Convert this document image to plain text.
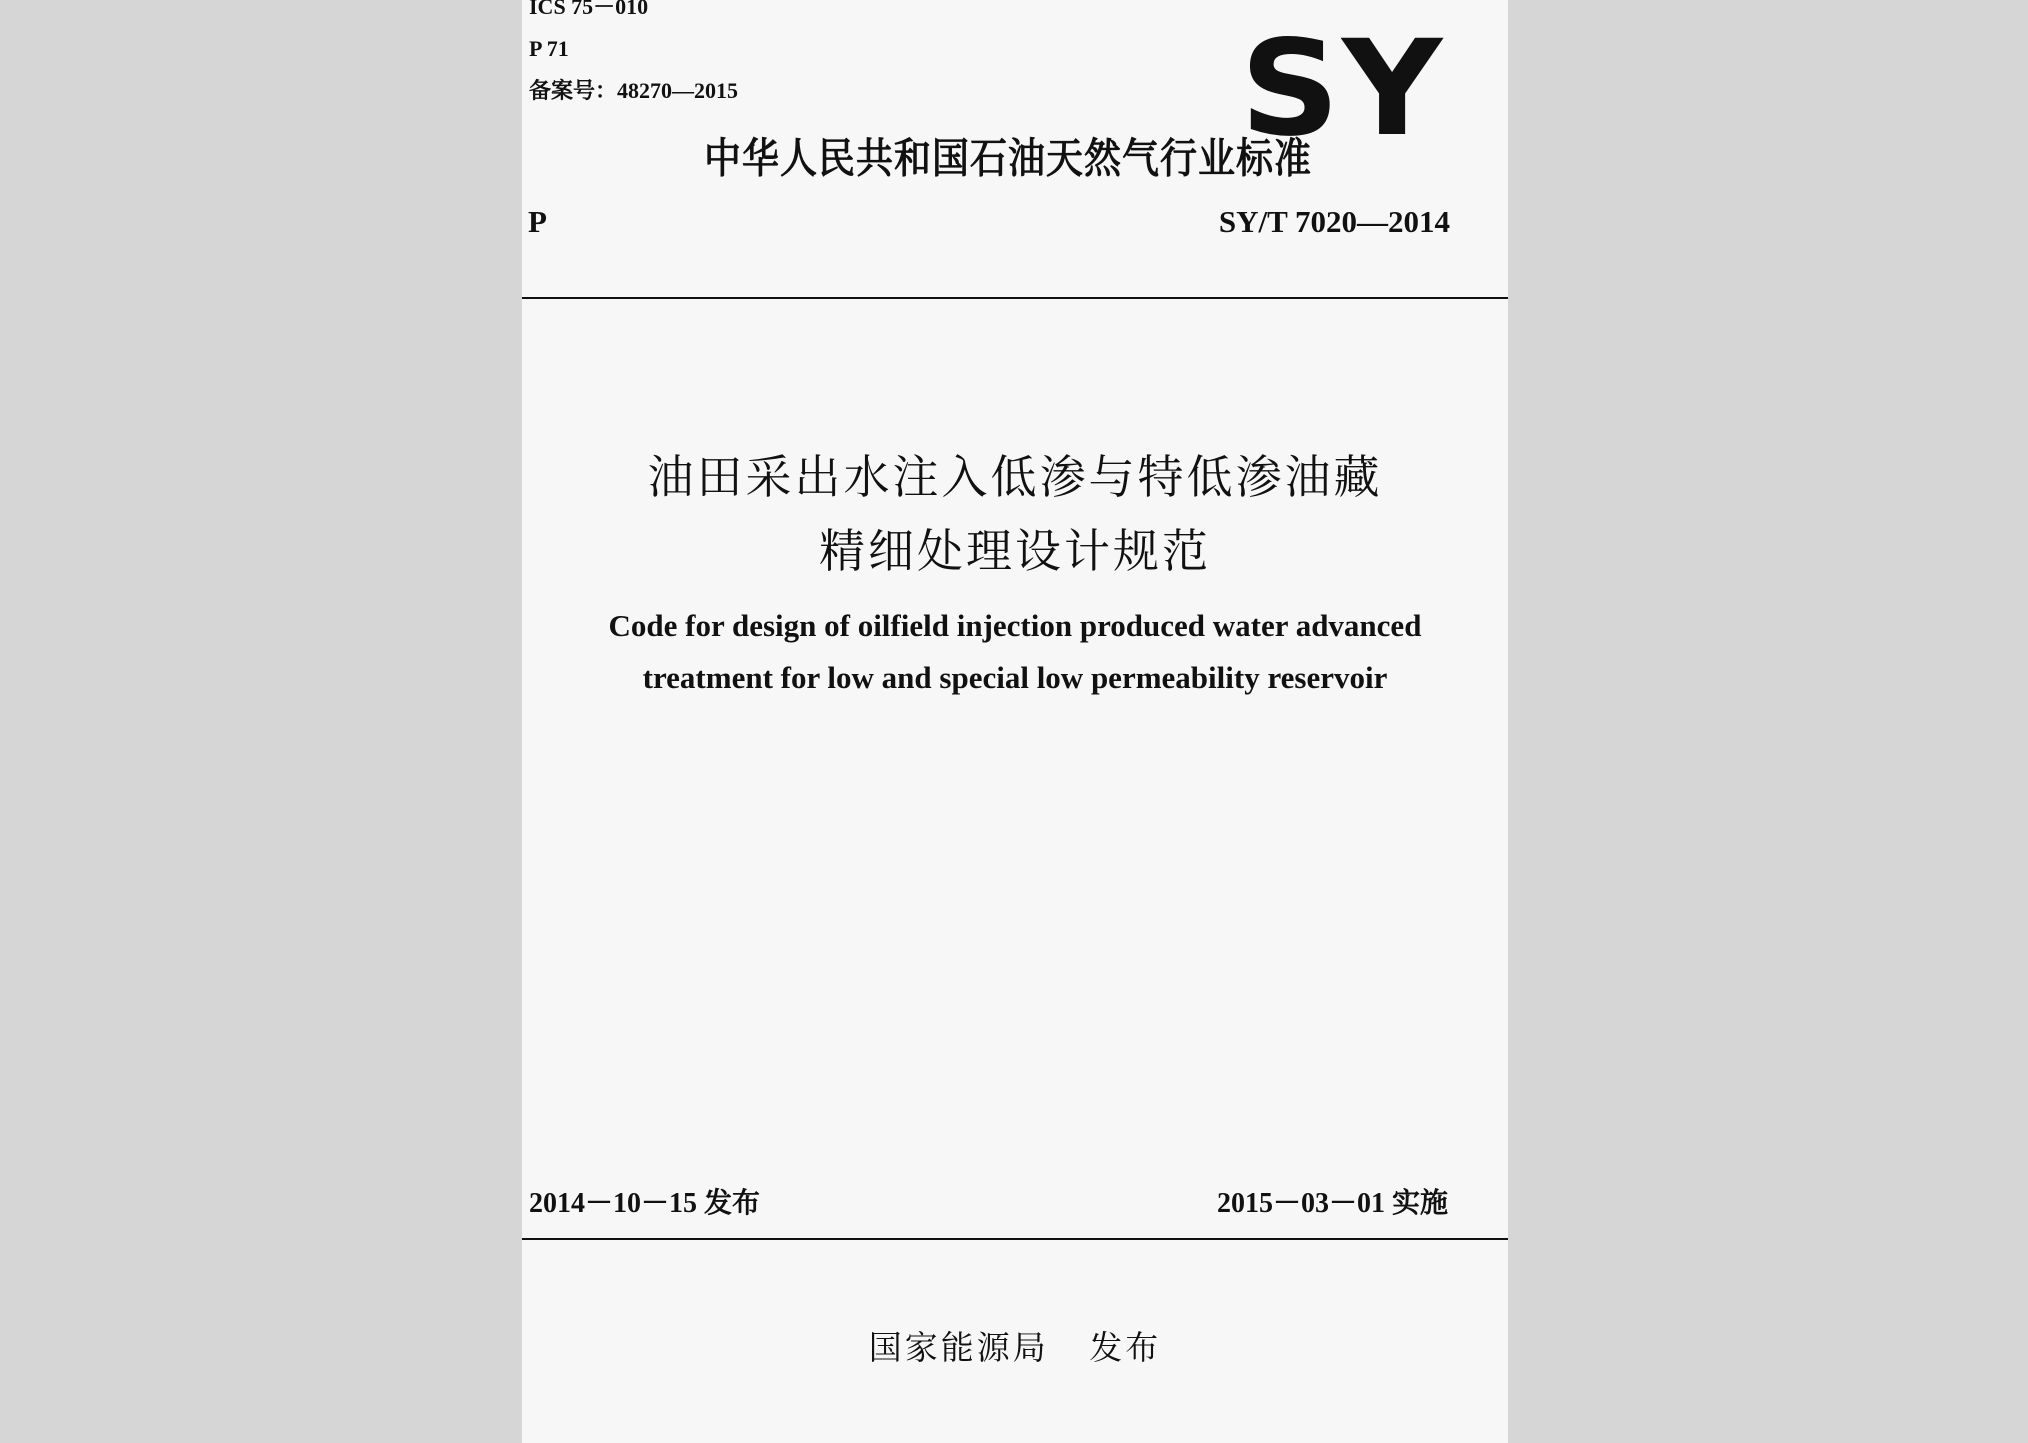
ICS 75－010
P 71
备案号：48270—2015	SY
中华人民共和国石油天然气行业标准
P	SY/T 7020—2014
油田采出水注入低渗与特低渗油藏
精细处理设计规范
Code for design of oilfield injection produced water advanced
treatment for low and special low permeability reservoir
2014－10－15 发布	2015－03－01 实施
国家能源局   发布
